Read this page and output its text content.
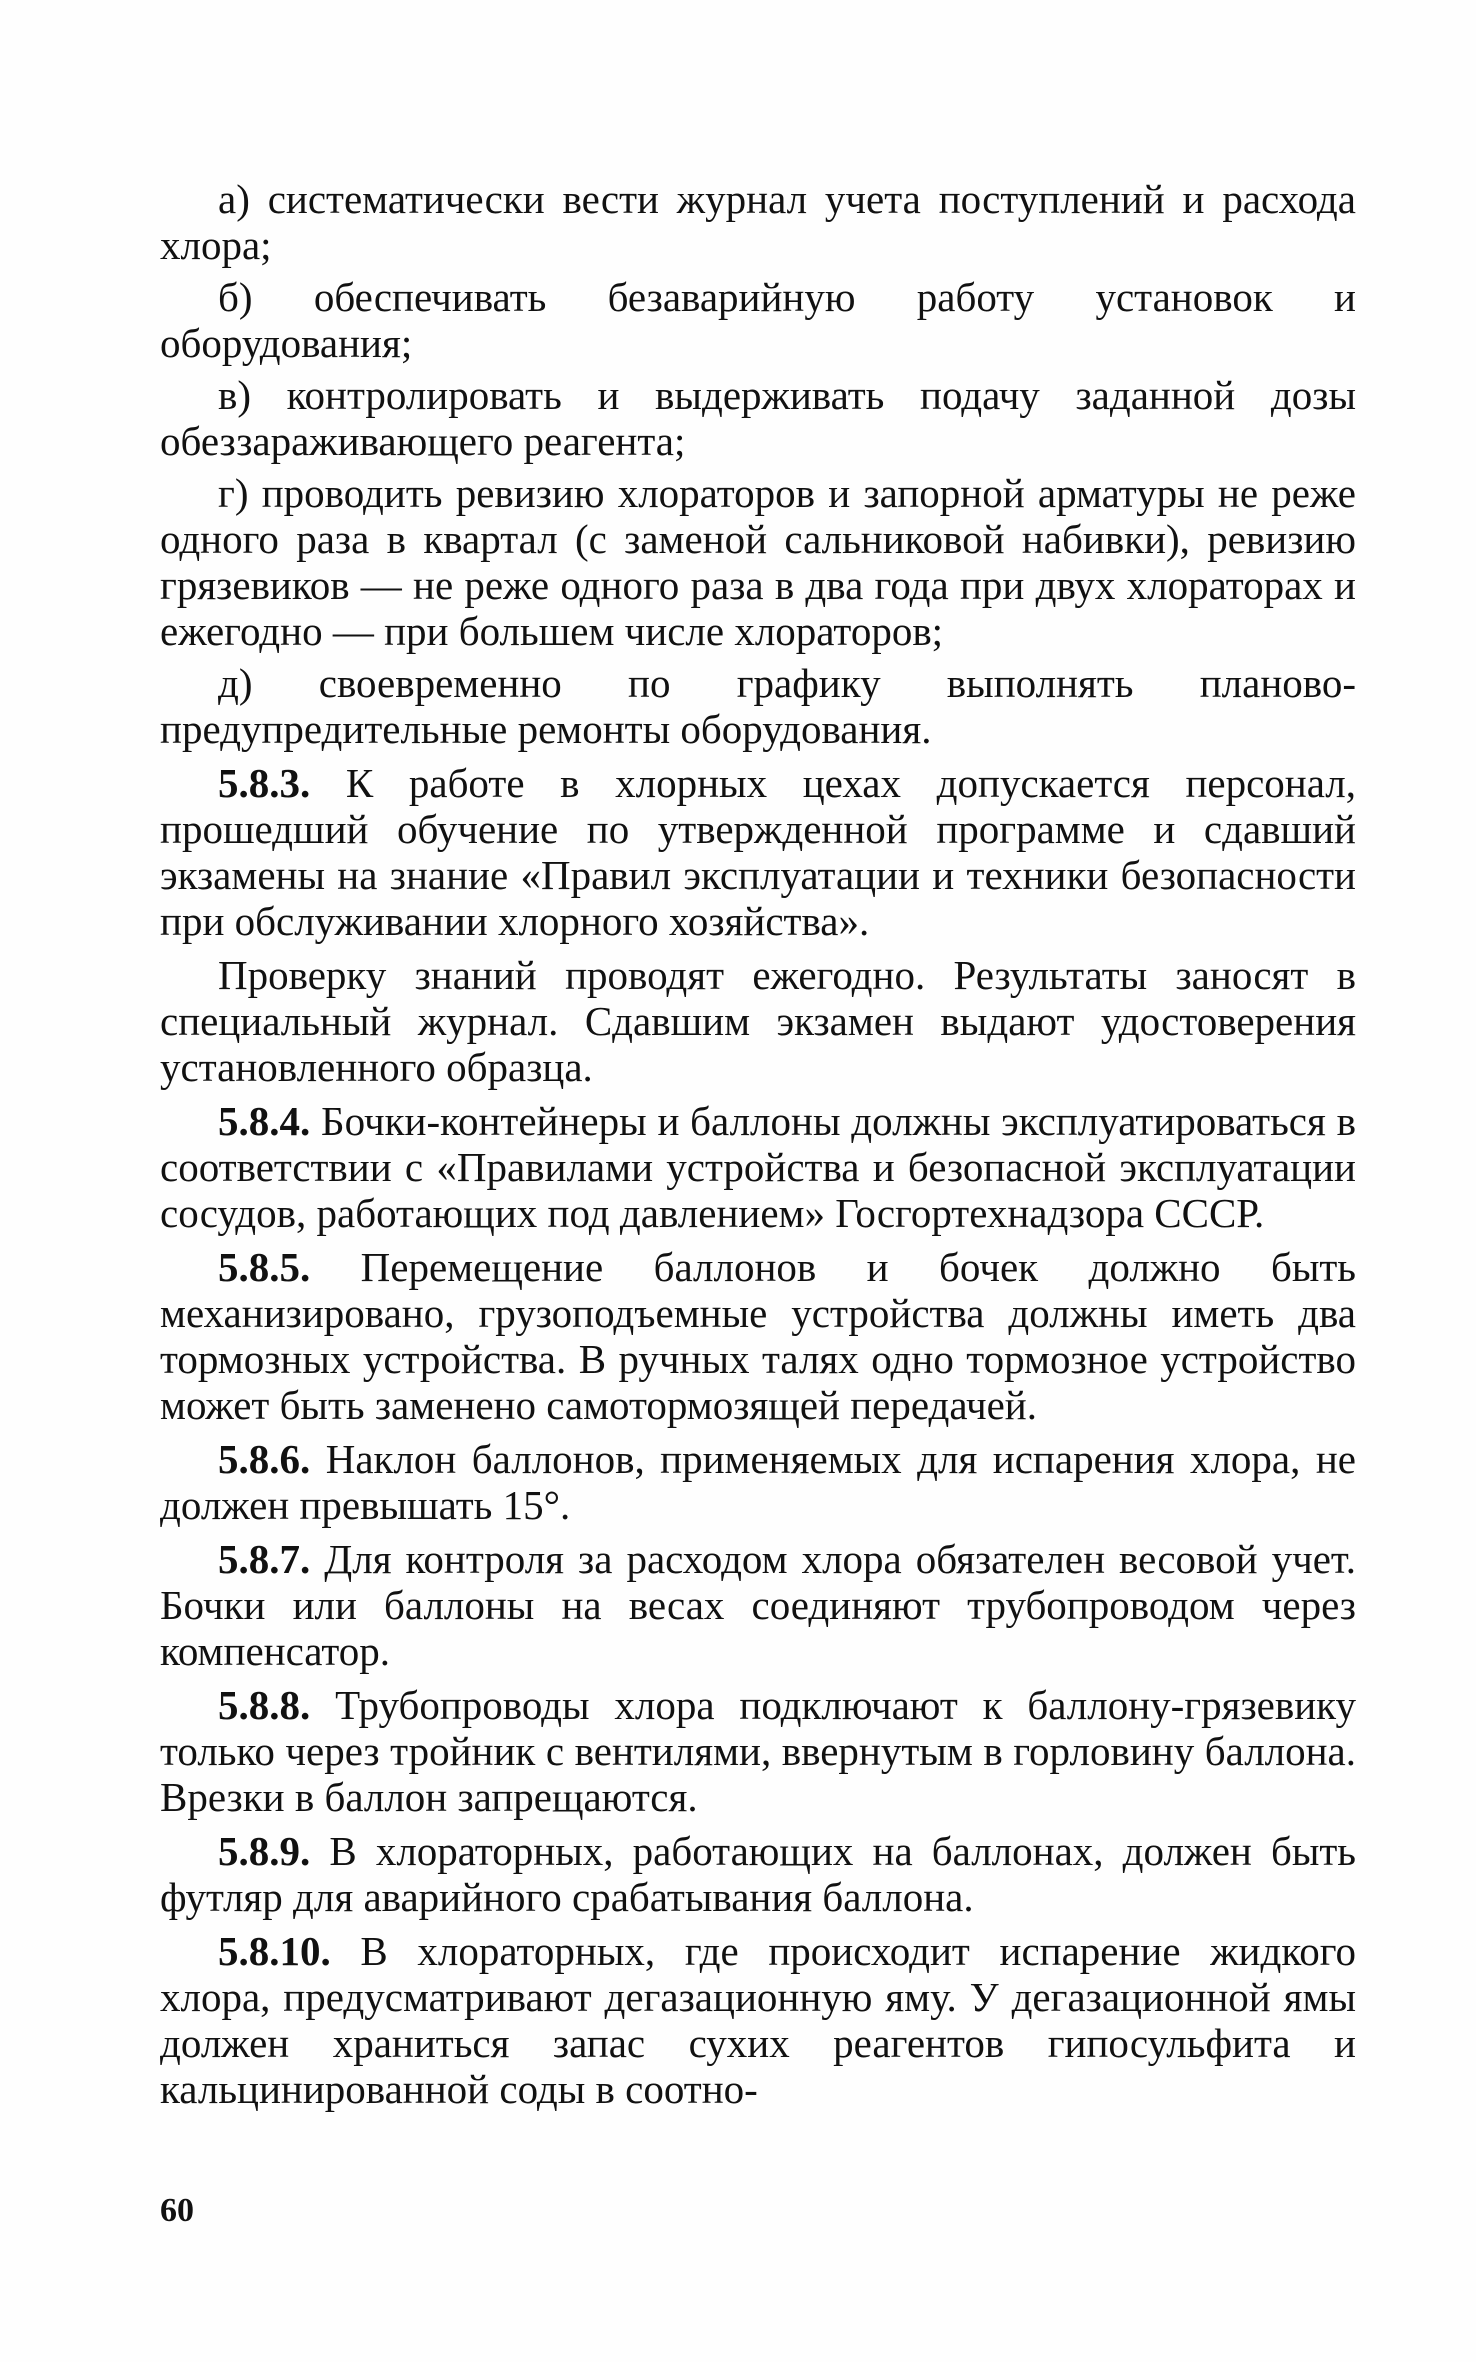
а) систематически вести журнал учета поступлений и расхода хлора;

б) обеспечивать безаварийную работу установок и оборудования;

в) контролировать и выдерживать подачу заданной дозы обеззараживающего реагента;

г) проводить ревизию хлораторов и запорной арматуры не реже одного раза в квартал (с заменой сальниковой набивки), ревизию грязевиков — не реже одного раза в два года при двух хлораторах и ежегодно — при большем числе хлораторов;

д) своевременно по графику выполнять планово-предупредительные ремонты оборудования.

5.8.3. К работе в хлорных цехах допускается персонал, прошедший обучение по утвержденной программе и сдавший экзамены на знание «Правил эксплуатации и техники безопасности при обслуживании хлорного хозяйства».

Проверку знаний проводят ежегодно. Результаты заносят в специальный журнал. Сдавшим экзамен выдают удостоверения установленного образца.

5.8.4. Бочки-контейнеры и баллоны должны эксплуатироваться в соответствии с «Правилами устройства и безопасной эксплуатации сосудов, работающих под давлением» Госгортехнадзора СССР.

5.8.5. Перемещение баллонов и бочек должно быть механизировано, грузоподъемные устройства должны иметь два тормозных устройства. В ручных талях одно тормозное устройство может быть заменено самотормозящей передачей.

5.8.6. Наклон баллонов, применяемых для испарения хлора, не должен превышать 15°.

5.8.7. Для контроля за расходом хлора обязателен весовой учет. Бочки или баллоны на весах соединяют трубопроводом через компенсатор.

5.8.8. Трубопроводы хлора подключают к баллону-грязевику только через тройник с вентилями, ввернутым в горловину баллона. Врезки в баллон запрещаются.

5.8.9. В хлораторных, работающих на баллонах, должен быть футляр для аварийного срабатывания баллона.

5.8.10. В хлораторных, где происходит испарение жидкого хлора, предусматривают дегазационную яму. У дегазационной ямы должен храниться запас сухих реагентов гипосульфита и кальцинированной соды в соотно-

60
